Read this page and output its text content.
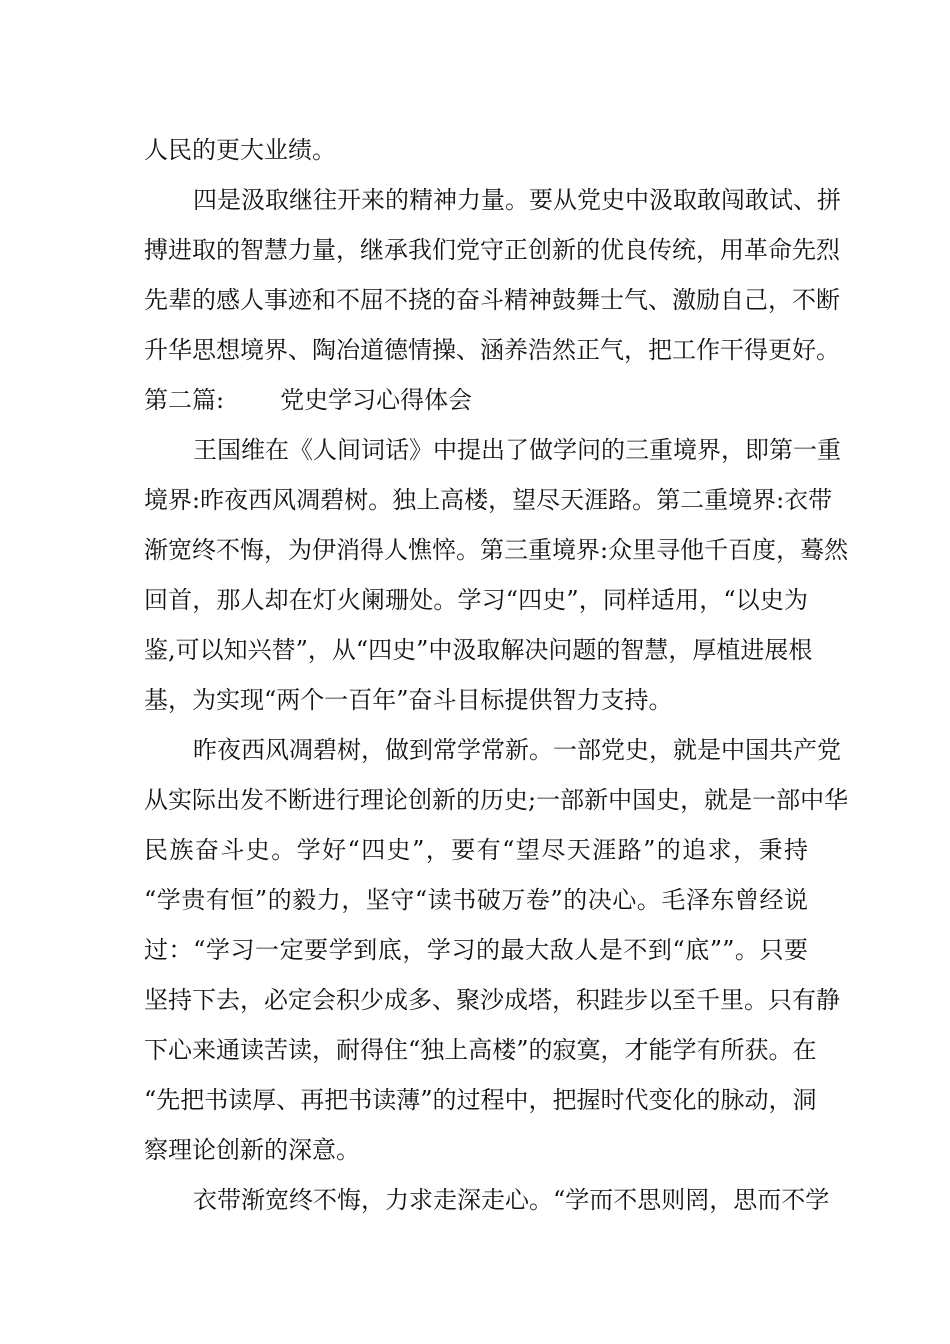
人民的更大业绩。
四是汲取继往开来的精神力量。要从党史中汲取敢闯敢试、拼
搏进取的智慧力量，继承我们党守正创新的优良传统，用革命先烈
先辈的感人事迹和不屈不挠的奋斗精神鼓舞士气、激励自己，不断
升华思想境界、陶冶道德情操、涵养浩然正气，把工作干得更好。
第二篇: 党史学习心得体会
王国维在《人间词话》中提出了做学问的三重境界，即第一重
境界:昨夜西风凋碧树。独上高楼，望尽天涯路。第二重境界:衣带
渐宽终不悔，为伊消得人憔悴。第三重境界:众里寻他千百度，蓦然
回首，那人却在灯火阑珊处。学习“四史”，同样适用，“以史为
鉴,可以知兴替”，从“四史”中汲取解决问题的智慧，厚植进展根
基，为实现“两个一百年”奋斗目标提供智力支持。
昨夜西风凋碧树，做到常学常新。一部党史，就是中国共产党
从实际出发不断进行理论创新的历史;一部新中国史，就是一部中华
民族奋斗史。学好“四史”，要有“望尽天涯路”的追求，秉持
“学贵有恒”的毅力，坚守“读书破万卷”的决心。毛泽东曾经说
过：“学习一定要学到底，学习的最大敌人是不到“底””。只要
坚持下去，必定会积少成多、聚沙成塔，积跬步以至千里。只有静
下心来通读苦读，耐得住“独上高楼”的寂寞，才能学有所获。在
“先把书读厚、再把书读薄”的过程中，把握时代变化的脉动，洞
察理论创新的深意。
衣带渐宽终不悔，力求走深走心。“学而不思则罔，思而不学
